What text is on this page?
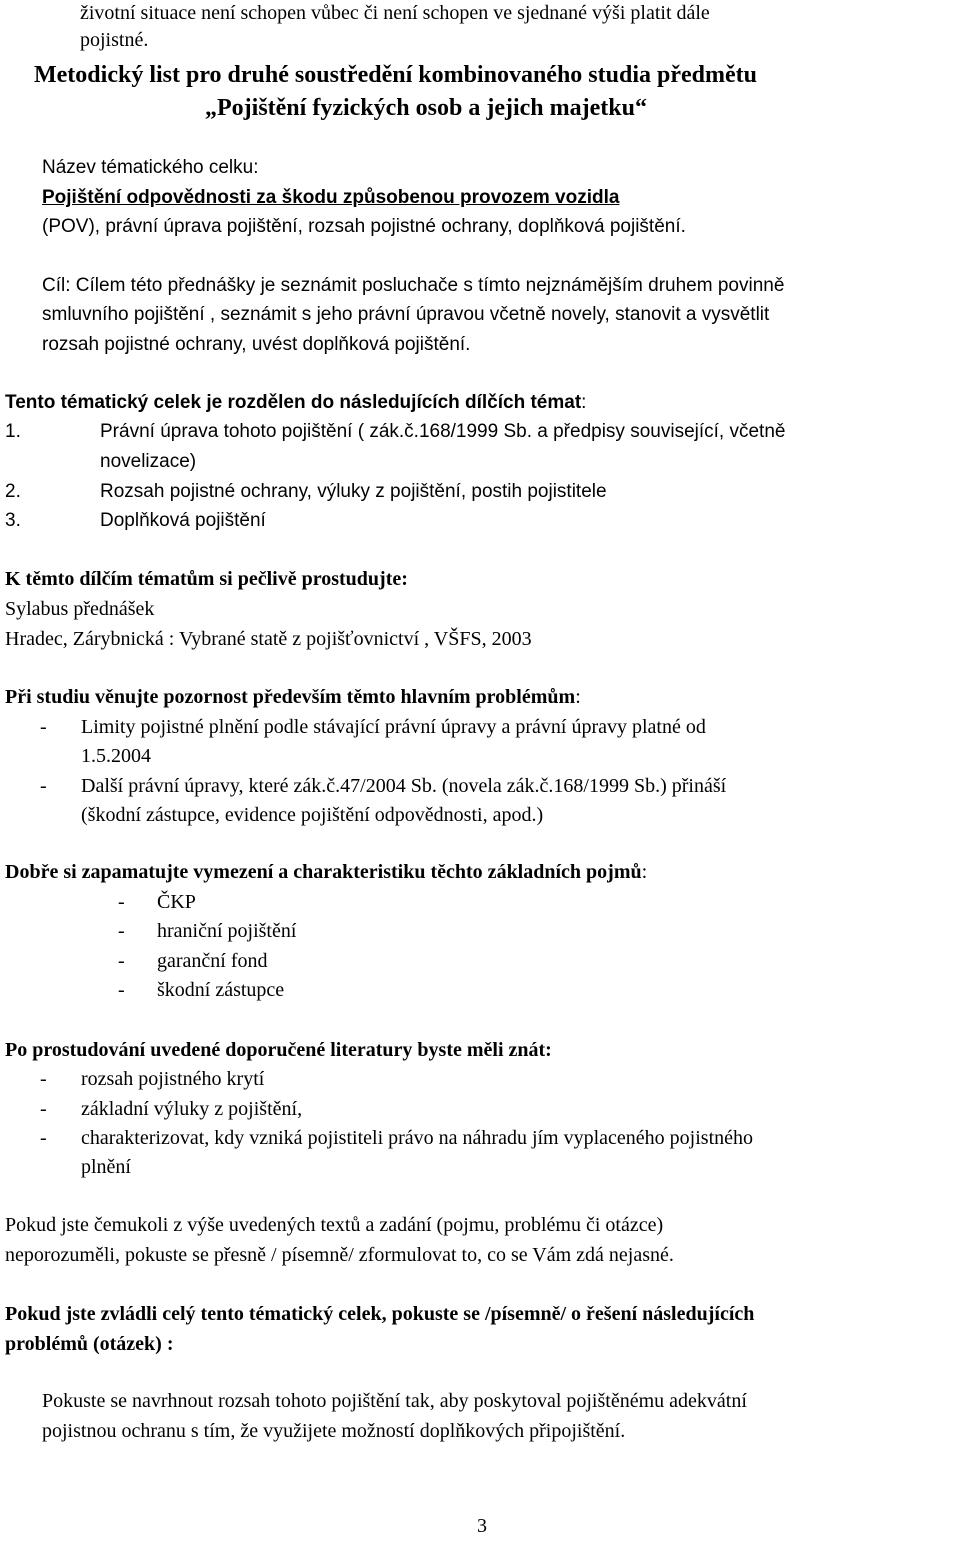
životní situace není schopen vůbec či není schopen ve sjednané výši platit dále
pojistné.
Metodický list pro druhé soustředění kombinovaného studia předmětu
„Pojištění fyzických osob a jejich majetku“
Název tématického celku:
Pojištění odpovědnosti za škodu způsobenou provozem vozidla
(POV), právní úprava pojištění, rozsah pojistné ochrany, doplňková pojištění.
Cíl: Cílem této přednášky je seznámit posluchače s tímto nejznámějším druhem povinně
smluvního pojištění , seznámit s jeho právní úpravou včetně novely, stanovit a vysvětlit
rozsah pojistné ochrany, uvést doplňková pojištění.
Tento tématický celek je rozdělen do následujících dílčích témat:
1.	Právní úprava tohoto pojištění ( zák.č.168/1999 Sb. a předpisy související, včetně
novelizace)
2.	Rozsah pojistné ochrany, výluky z pojištění, postih pojistitele
3.	Doplňková pojištění
K těmto dílčím tématům si pečlivě prostudujte:
Sylabus přednášek
Hradec, Zárybnická : Vybrané statě z pojišťovnictví , VŠFS, 2003
Při studiu věnujte pozornost především těmto hlavním problémům:
- Limity pojistné plnění podle stávající právní úpravy a právní úpravy platné od
1.5.2004
- Další právní úpravy, které zák.č.47/2004 Sb. (novela zák.č.168/1999 Sb.) přináší
(škodní zástupce, evidence pojištění odpovědnosti, apod.)
Dobře si zapamatujte vymezení a charakteristiku těchto základních pojmů:
- ČKP
- hraniční pojištění
- garanční fond
- škodní zástupce
Po prostudování uvedené doporučené literatury byste měli znát:
- rozsah pojistného krytí
- základní výluky z pojištění,
- charakterizovat, kdy vzniká pojistiteli právo na náhradu jím vyplaceného pojistného
plnění
Pokud jste čemukoli z výše uvedených textů a zadání (pojmu, problému či otázce)
neporozuměli, pokuste se přesně / písemně/ zformulovat to, co se Vám zdá nejasné.
Pokud jste zvládli celý tento tématický celek, pokuste se /písemně/ o řešení následujících
problémů (otázek) :
Pokuste se navrhnout rozsah tohoto pojištění tak, aby poskytoval pojištěnému adekvátní
pojistnou ochranu s tím, že využijete možností doplňkových připojištění.
3
